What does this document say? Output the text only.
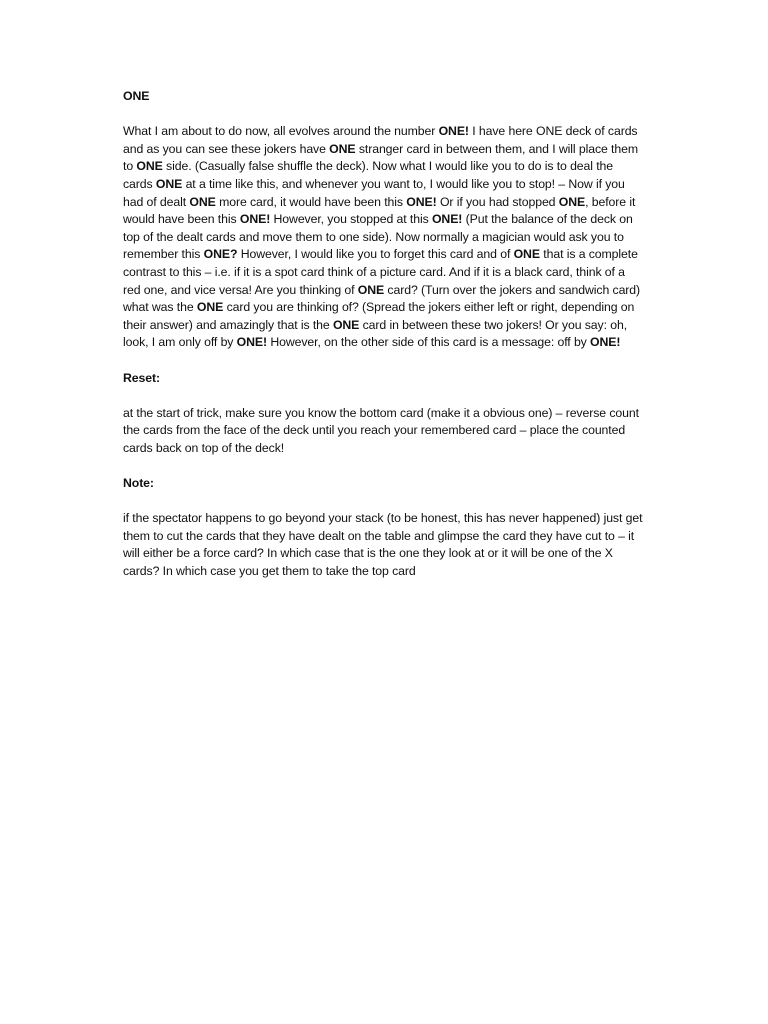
ONE

What I am about to do now, all evolves around the number ONE! I have here ONE deck of cards and as you can see these jokers have ONE stranger card in between them, and I will place them to ONE side. (Casually false shuffle the deck). Now what I would like you to do is to deal the cards ONE at a time like this, and whenever you want to, I would like you to stop! – Now if you had of dealt ONE more card, it would have been this ONE! Or if you had stopped ONE, before it would have been this ONE! However, you stopped at this ONE! (Put the balance of the deck on top of the dealt cards and move them to one side). Now normally a magician would ask you to remember this ONE? However, I would like you to forget this card and of ONE that is a complete contrast to this – i.e. if it is a spot card think of a picture card. And if it is a black card, think of a red one, and vice versa! Are you thinking of ONE card? (Turn over the jokers and sandwich card) what was the ONE card you are thinking of? (Spread the jokers either left or right, depending on their answer) and amazingly that is the ONE card in between these two jokers! Or you say: oh, look, I am only off by ONE! However, on the other side of this card is a message: off by ONE!

Reset:

at the start of trick, make sure you know the bottom card (make it a obvious one) – reverse count the cards from the face of the deck until you reach your remembered card – place the counted cards back on top of the deck!

Note:

if the spectator happens to go beyond your stack (to be honest, this has never happened) just get them to cut the cards that they have dealt on the table and glimpse the card they have cut to – it will either be a force card? In which case that is the one they look at or it will be one of the X cards? In which case you get them to take the top card
